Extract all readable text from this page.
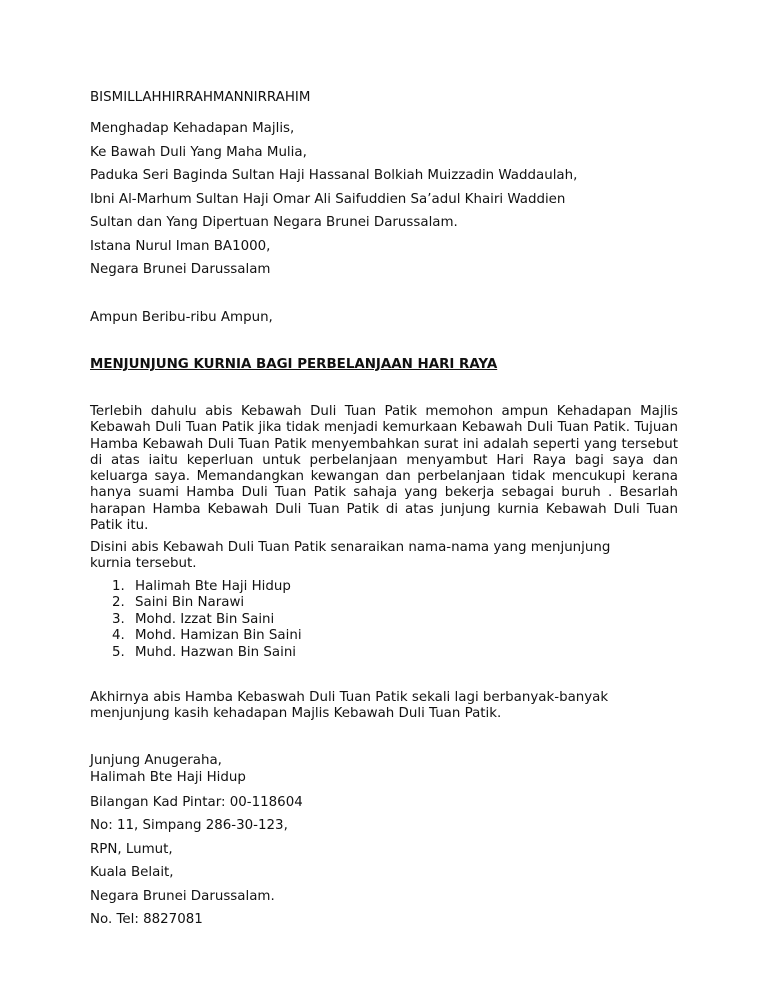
BISMILLAHHIRRAHMANNIRRAHIM
Menghadap Kehadapan Majlis,
Ke Bawah Duli Yang Maha Mulia,
Paduka Seri Baginda Sultan Haji Hassanal Bolkiah Muizzadin Waddaulah,
Ibni Al-Marhum Sultan Haji Omar Ali Saifuddien Sa’adul Khairi Waddien
Sultan dan Yang Dipertuan Negara Brunei Darussalam.
Istana Nurul Iman BA1000,
Negara Brunei Darussalam
Ampun Beribu-ribu Ampun,
MENJUNJUNG KURNIA BAGI PERBELANJAAN HARI RAYA
Terlebih dahulu abis Kebawah Duli Tuan Patik memohon ampun Kehadapan Majlis Kebawah Duli Tuan Patik jika tidak menjadi kemurkaan Kebawah Duli Tuan Patik. Tujuan Hamba Kebawah Duli Tuan Patik menyembahkan surat ini adalah seperti yang tersebut di atas iaitu keperluan untuk perbelanjaan menyambut Hari Raya bagi saya dan keluarga saya. Memandangkan kewangan dan perbelanjaan tidak mencukupi kerana hanya suami Hamba Duli Tuan Patik sahaja yang bekerja sebagai buruh . Besarlah harapan Hamba Kebawah Duli Tuan Patik di atas junjung kurnia Kebawah Duli Tuan Patik itu.
Disini abis Kebawah Duli Tuan Patik senaraikan nama-nama yang menjunjung kurnia tersebut.
1. Halimah Bte Haji Hidup
2. Saini Bin Narawi
3. Mohd. Izzat Bin Saini
4. Mohd. Hamizan Bin Saini
5. Muhd. Hazwan Bin Saini
Akhirnya abis Hamba Kebaswah Duli Tuan Patik sekali lagi berbanyak-banyak menjunjung kasih kehadapan Majlis Kebawah Duli Tuan Patik.
Junjung Anugeraha,
Halimah Bte Haji Hidup
Bilangan Kad Pintar: 00-118604
No: 11, Simpang 286-30-123,
RPN, Lumut,
Kuala Belait,
Negara Brunei Darussalam.
No. Tel: 8827081
